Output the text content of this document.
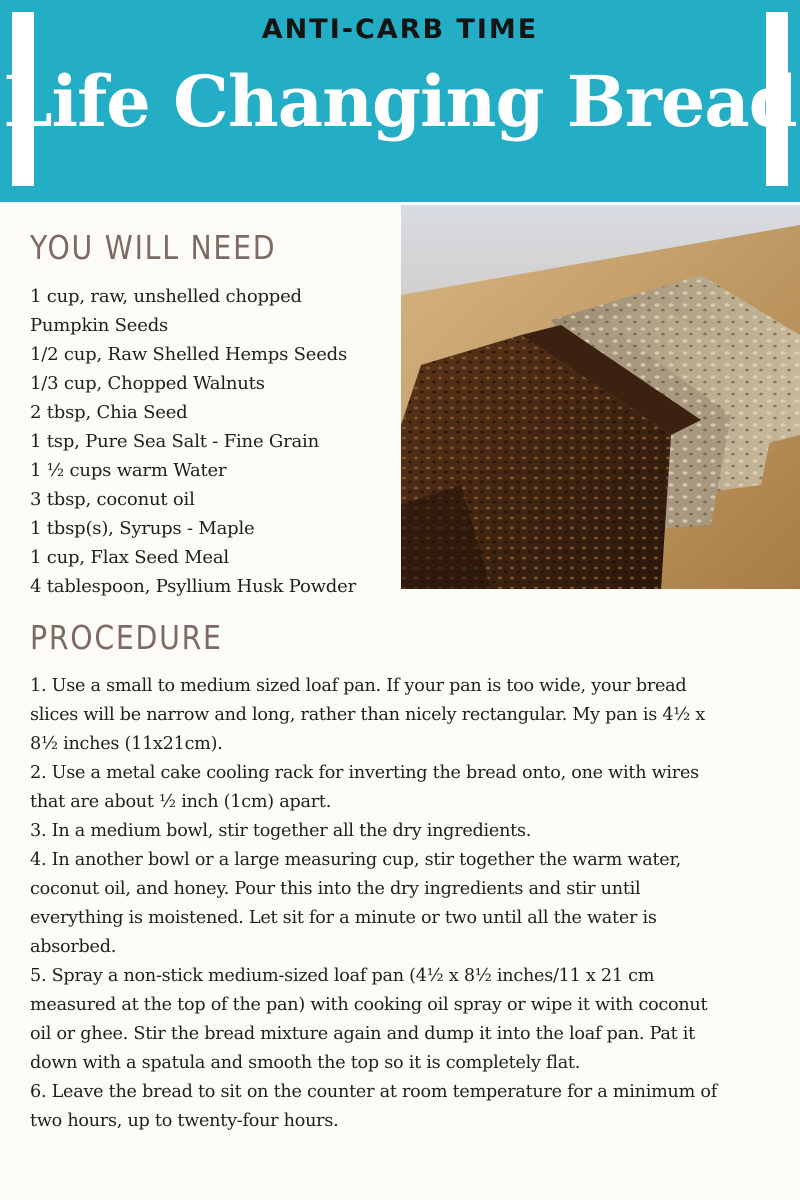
ANTI-CARB TIME
Life Changing Bread
YOU WILL NEED
1 cup, raw, unshelled chopped
Pumpkin Seeds
1/2 cup, Raw Shelled Hemps Seeds
1/3 cup, Chopped Walnuts
2 tbsp, Chia Seed
1 tsp, Pure Sea Salt - Fine Grain
1 ½ cups warm Water
3 tbsp, coconut oil
1 tbsp(s), Syrups - Maple
1 cup, Flax Seed Meal
4 tablespoon, Psyllium Husk Powder
PROCEDURE
1. Use a small to medium sized loaf pan. If your pan is too wide, your bread
slices will be narrow and long, rather than nicely rectangular. My pan is 4½ x
8½ inches (11x21cm).
2. Use a metal cake cooling rack for inverting the bread onto, one with wires
that are about ½ inch (1cm) apart.
3. In a medium bowl, stir together all the dry ingredients.
4. In another bowl or a large measuring cup, stir together the warm water,
coconut oil, and honey. Pour this into the dry ingredients and stir until
everything is moistened. Let sit for a minute or two until all the water is
absorbed.
5. Spray a non-stick medium-sized loaf pan (4½ x 8½ inches/11 x 21 cm
measured at the top of the pan) with cooking oil spray or wipe it with coconut
oil or ghee. Stir the bread mixture again and dump it into the loaf pan. Pat it
down with a spatula and smooth the top so it is completely flat.
6. Leave the bread to sit on the counter at room temperature for a minimum of
two hours, up to twenty-four hours.
